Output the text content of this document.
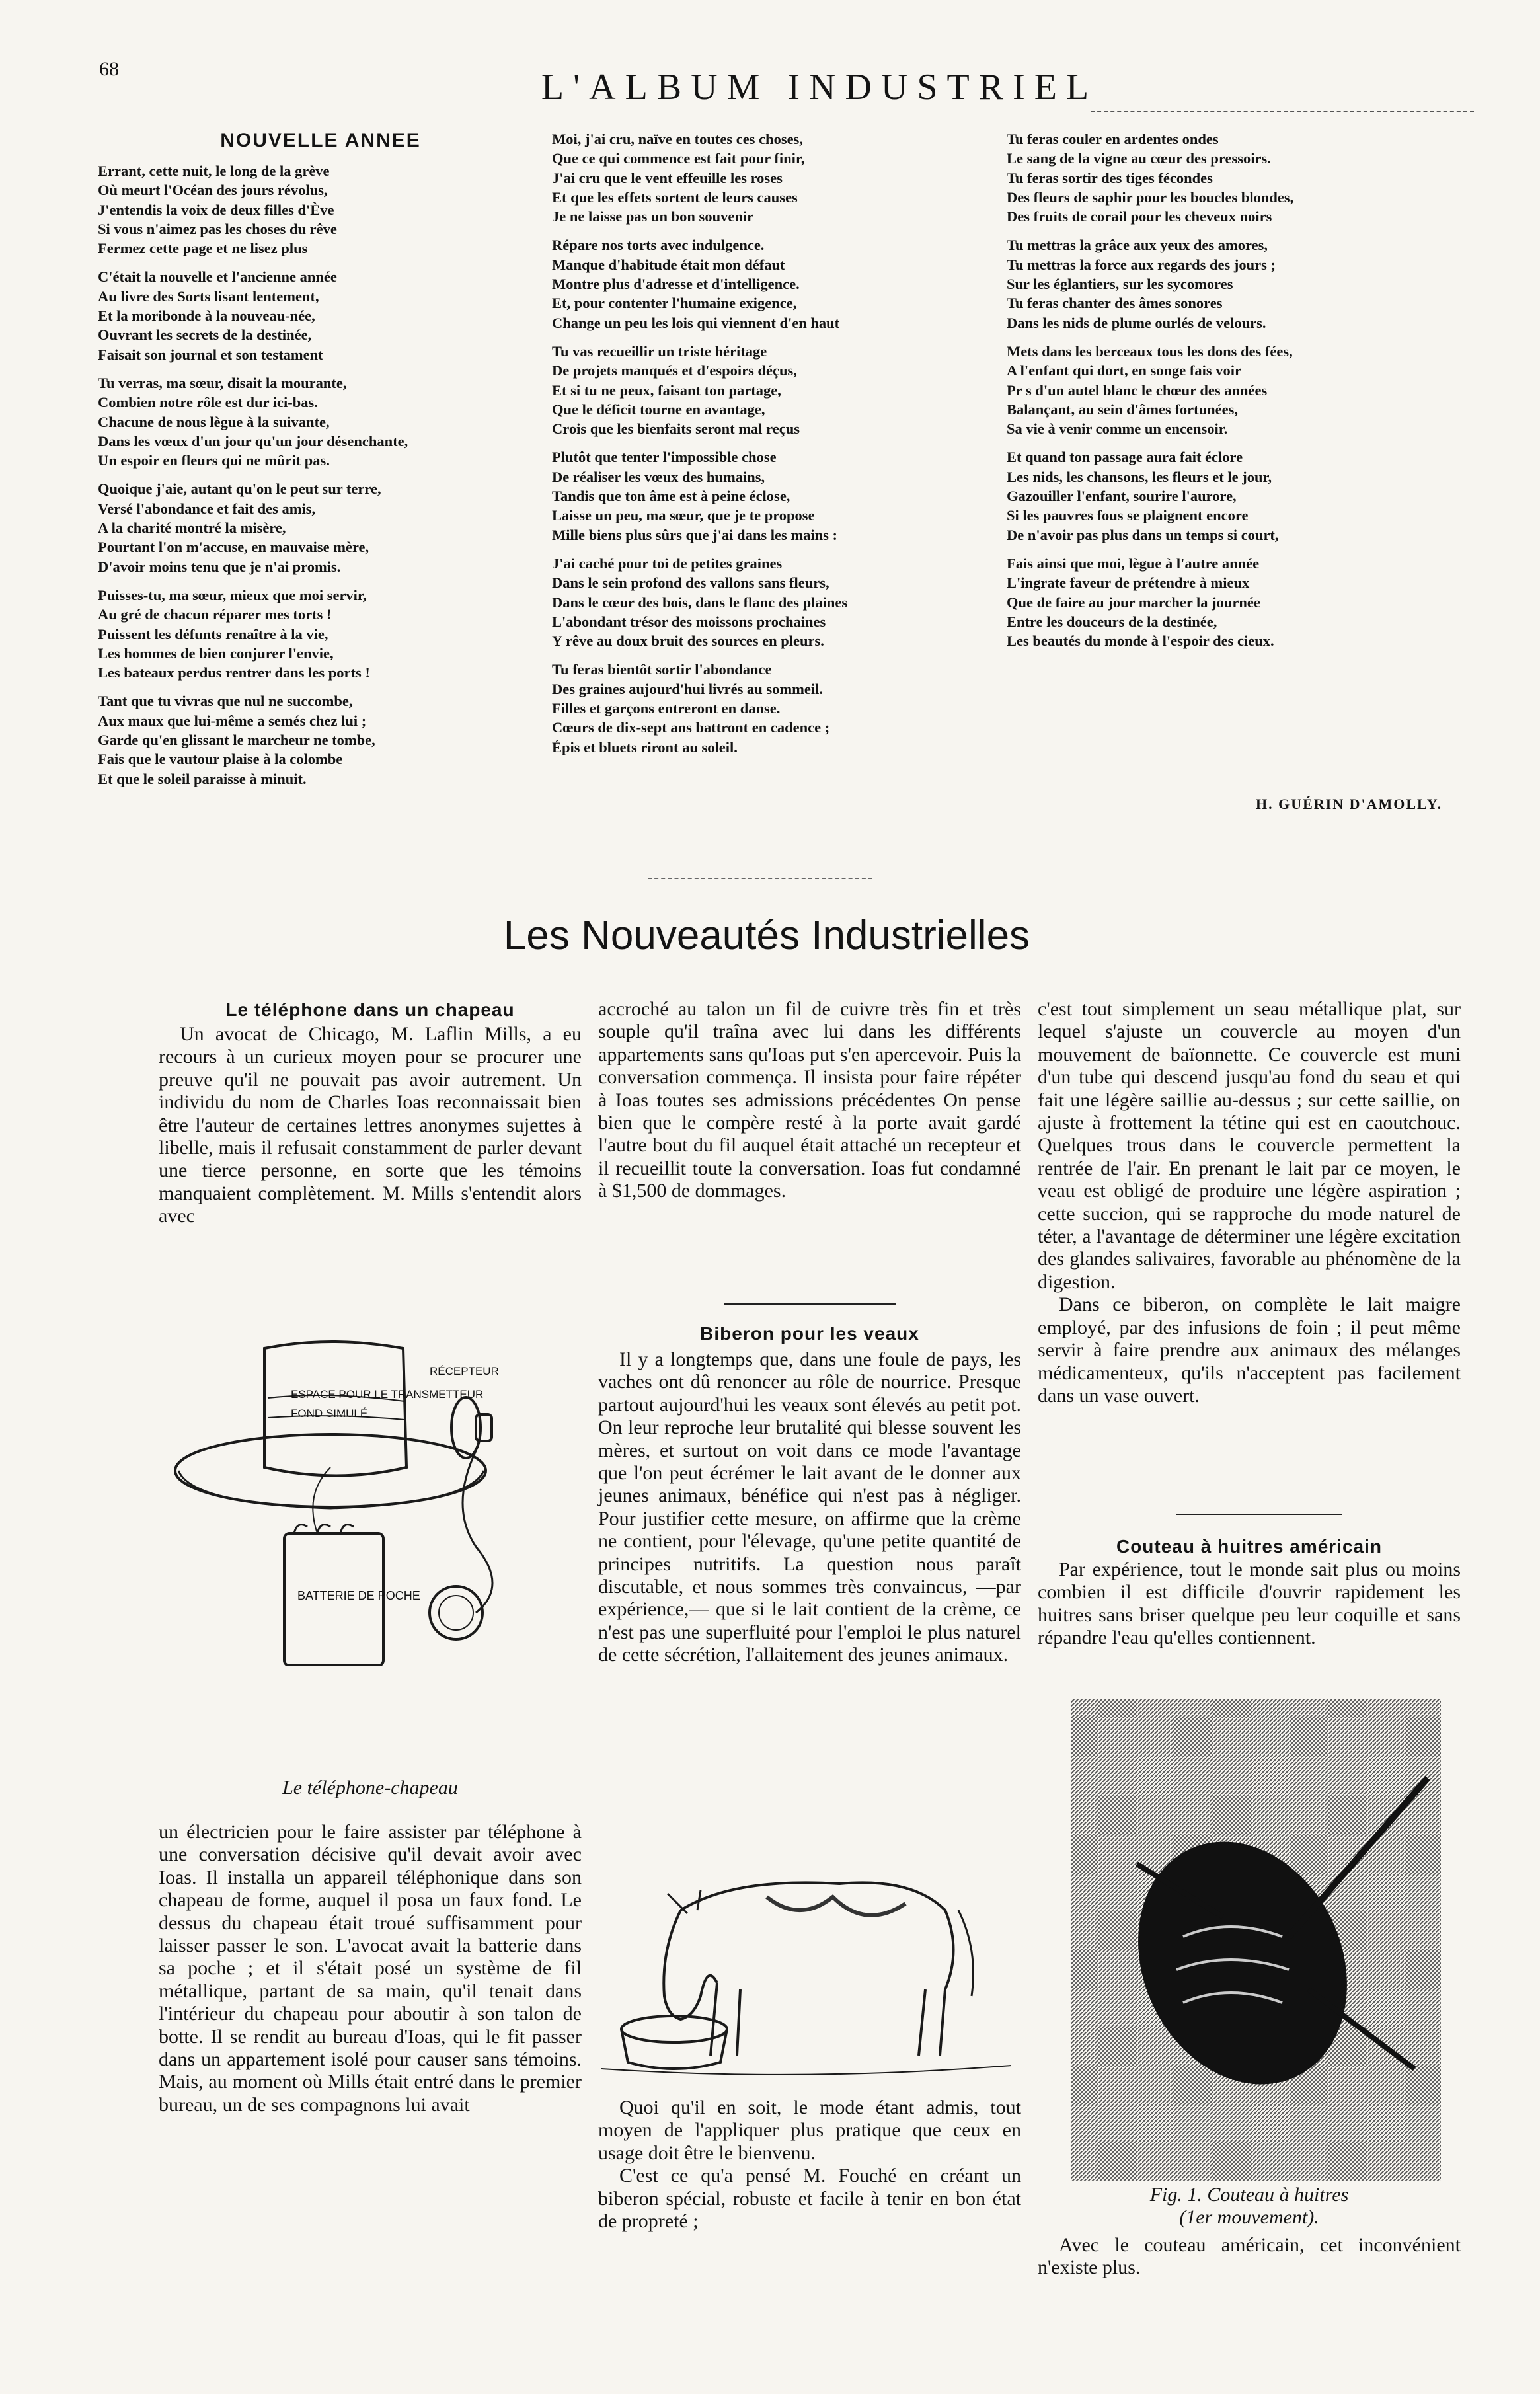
68	L'ALBUM INDUSTRIEL
NOUVELLE ANNEE
Errant, cette nuit, le long de la grève
Où meurt l'Océan des jours révolus,
J'entendis la voix de deux filles d'Ève
Si vous n'aimez pas les choses du rêve
Fermez cette page et ne lisez plus
C'était la nouvelle et l'ancienne année
Au livre des Sorts lisant lentement,
Et la moribonde à la nouveau-née,
Ouvrant les secrets de la destinée,
Faisait son journal et son testament
Tu verras, ma sœur, disait la mourante,
Combien notre rôle est dur ici-bas.
Chacune de nous lègue à la suivante,
Dans les vœux d'un jour qu'un jour désenchante,
Un espoir en fleurs qui ne mûrit pas.
Quoique j'aie, autant qu'on le peut sur terre,
Versé l'abondance et fait des amis,
A la charité montré la misère,
Pourtant l'on m'accuse, en mauvaise mère,
D'avoir moins tenu que je n'ai promis.
Puisses-tu, ma sœur, mieux que moi servir,
Au gré de chacun réparer mes torts !
Puissent les défunts renaître à la vie,
Les hommes de bien conjurer l'envie,
Les bateaux perdus rentrer dans les ports !
Tant que tu vivras que nul ne succombe,
Aux maux que lui-même a semés chez lui ;
Garde qu'en glissant le marcheur ne tombe,
Fais que le vautour plaise à la colombe
Et que le soleil paraisse à minuit.
Moi, j'ai cru, naïve en toutes ces choses,
Que ce qui commence est fait pour finir,
J'ai cru que le vent effeuille les roses
Et que les effets sortent de leurs causes
Je ne laisse pas un bon souvenir
Répare nos torts avec indulgence.
Manque d'habitude était mon défaut
Montre plus d'adresse et d'intelligence.
Et, pour contenter l'humaine exigence,
Change un peu les lois qui viennent d'en haut
Tu vas recueillir un triste héritage
De projets manqués et d'espoirs déçus,
Et si tu ne peux, faisant ton partage,
Que le déficit tourne en avantage,
Crois que les bienfaits seront mal reçus
Plutôt que tenter l'impossible chose
De réaliser les vœux des humains,
Tandis que ton âme est à peine éclose,
Laisse un peu, ma sœur, que je te propose
Mille biens plus sûrs que j'ai dans les mains :
J'ai caché pour toi de petites graines
Dans le sein profond des vallons sans fleurs,
Dans le cœur des bois, dans le flanc des plaines
L'abondant trésor des moissons prochaines
Y rêve au doux bruit des sources en pleurs.
Tu feras bientôt sortir l'abondance
Des graines aujourd'hui livrés au sommeil.
Filles et garçons entreront en danse.
Cœurs de dix-sept ans battront en cadence ;
Épis et bluets riront au soleil.
Tu feras couler en ardentes ondes
Le sang de la vigne au cœur des pressoirs.
Tu feras sortir des tiges fécondes
Des fleurs de saphir pour les boucles blondes,
Des fruits de corail pour les cheveux noirs
Tu mettras la grâce aux yeux des amores,
Tu mettras la force aux regards des jours ;
Sur les églantiers, sur les sycomores
Tu feras chanter des âmes sonores
Dans les nids de plume ourlés de velours.
Mets dans les berceaux tous les dons des fées,
A l'enfant qui dort, en songe fais voir
Pr s d'un autel blanc le chœur des années
Balançant, au sein d'âmes fortunées,
Sa vie à venir comme un encensoir.
Et quand ton passage aura fait éclore
Les nids, les chansons, les fleurs et le jour,
Gazouiller l'enfant, sourire l'aurore,
Si les pauvres fous se plaignent encore
De n'avoir pas plus dans un temps si court,
Fais ainsi que moi, lègue à l'autre année
L'ingrate faveur de prétendre à mieux
Que de faire au jour marcher la journée
Entre les douceurs de la destinée,
Les beautés du monde à l'espoir des cieux.
H. GUÉRIN D'AMOLLY.
Les Nouveautés Industrielles
Le téléphone dans un chapeau

Un avocat de Chicago, M. Laflin Mills, a eu recours à un curieux moyen pour se procurer une preuve qu'il ne pouvait pas avoir autrement. Un individu du nom de Charles Ioas reconnaissait bien être l'auteur de certaines lettres anonymes sujettes à libelle, mais il refusait constamment de parler devant une tierce personne, en sorte que les témoins manquaient complètement. M. Mills s'entendit alors avec

ESPACE POUR LE TRANSMETTEUR
FOND SIMULÉ
RÉCEPTEUR
BATTERIE DE POCHE
Le téléphone-chapeau

un électricien pour le faire assister par téléphone à une conversation décisive qu'il devait avoir avec Ioas. Il installa un appareil téléphonique dans son chapeau de forme, auquel il posa un faux fond. Le dessus du chapeau était troué suffisamment pour laisser passer le son. L'avocat avait la batterie dans sa poche ; et il s'était posé un système de fil métallique, partant de sa main, qu'il tenait dans l'intérieur du chapeau pour aboutir à son talon de botte. Il se rendit au bureau d'Ioas, qui le fit passer dans un appartement isolé pour causer sans témoins. Mais, au moment où Mills était entré dans le premier bureau, un de ses compagnons lui avait

accroché au talon un fil de cuivre très fin et très souple qu'il traîna avec lui dans les différents appartements sans qu'Ioas put s'en apercevoir. Puis la conversation commença. Il insista pour faire répéter à Ioas toutes ses admissions précédentes On pense bien que le compère resté à la porte avait gardé l'autre bout du fil auquel était attaché un recepteur et il recueillit toute la conversation. Ioas fut condamné à $1,500 de dommages.

Biberon pour les veaux

Il y a longtemps que, dans une foule de pays, les vaches ont dû renoncer au rôle de nourrice. Presque partout aujourd'hui les veaux sont élevés au petit pot. On leur reproche leur brutalité qui blesse souvent les mères, et surtout on voit dans ce mode l'avantage que l'on peut écrémer le lait avant de le donner aux jeunes animaux, bénéfice qui n'est pas à négliger. Pour justifier cette mesure, on affirme que la crème ne contient, pour l'élevage, qu'une petite quantité de principes nutritifs. La question nous paraît discutable, et nous sommes très convaincus, —par expérience,— que si le lait contient de la crème, ce n'est pas une superfluité pour l'emploi le plus naturel de cette sécrétion, l'allaitement des jeunes animaux.

Quoi qu'il en soit, le mode étant admis, tout moyen de l'appliquer plus pratique que ceux en usage doit être le bienvenu.

C'est ce qu'a pensé M. Fouché en créant un biberon spécial, robuste et facile à tenir en bon état de propreté ;

c'est tout simplement un seau métallique plat, sur lequel s'ajuste un couvercle au moyen d'un mouvement de baïonnette. Ce couvercle est muni d'un tube qui descend jusqu'au fond du seau et qui fait une légère saillie au-dessus ; sur cette saillie, on ajuste à frottement la tétine qui est en caoutchouc. Quelques trous dans le couvercle permettent la rentrée de l'air. En prenant le lait par ce moyen, le veau est obligé de produire une légère aspiration ; cette succion, qui se rapproche du mode naturel de téter, a l'avantage de déterminer une légère excitation des glandes salivaires, favorable au phénomène de la digestion.

Dans ce biberon, on complète le lait maigre employé, par des infusions de foin ; il peut même servir à faire prendre aux animaux des mélanges médicamenteux, qu'ils n'acceptent pas facilement dans un vase ouvert.

Couteau à huitres américain

Par expérience, tout le monde sait plus ou moins combien il est difficile d'ouvrir rapidement les huitres sans briser quelque peu leur coquille et sans répandre l'eau qu'elles contiennent.

Fig. 1. Couteau à huitres
(1er mouvement).

Avec le couteau américain, cet inconvénient n'existe plus.
